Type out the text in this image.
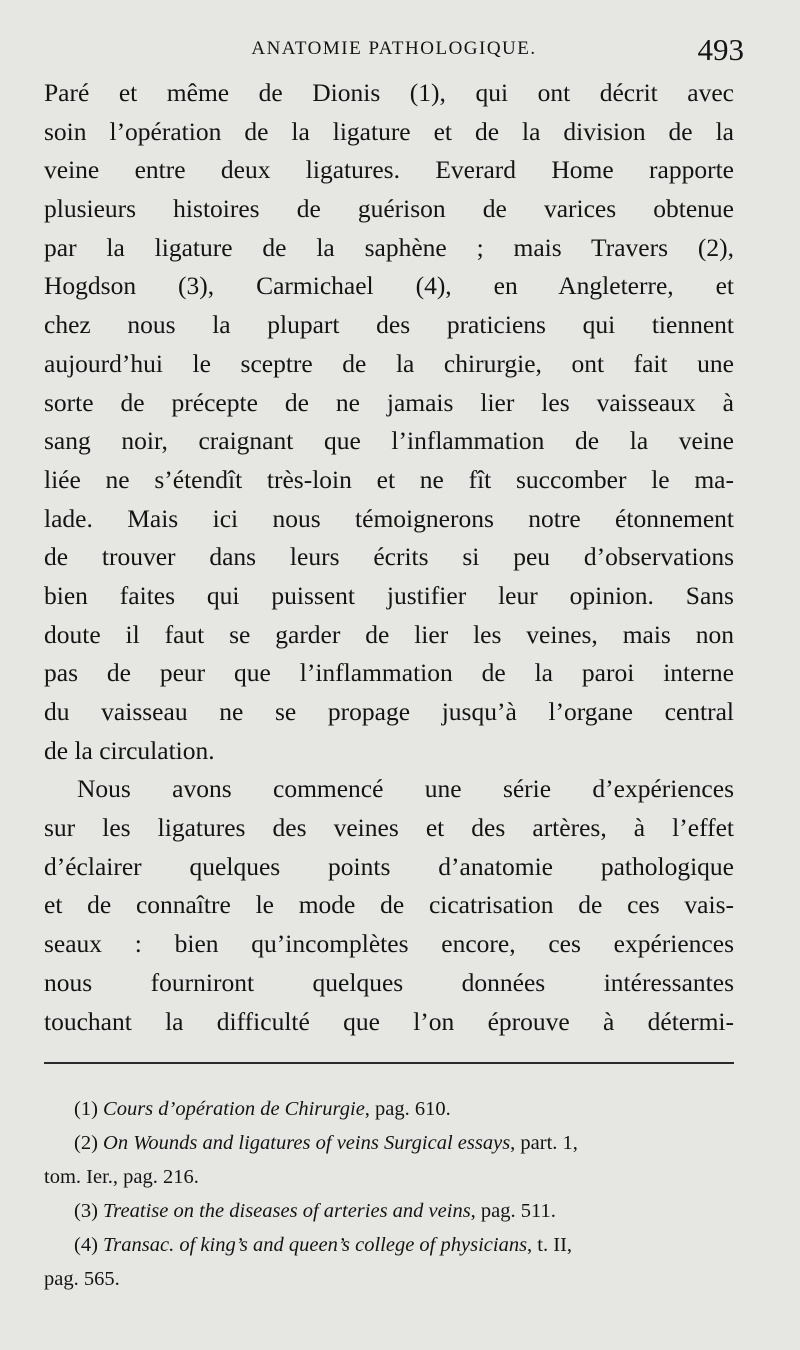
ANATOMIE PATHOLOGIQUE.	493
Paré et même de Dionis (1), qui ont décrit avec
soin l’opération de la ligature et de la division de la
veine entre deux ligatures. Everard Home rapporte
plusieurs histoires de guérison de varices obtenue
par la ligature de la saphène ; mais Travers (2),
Hogdson (3), Carmichael (4), en Angleterre, et
chez nous la plupart des praticiens qui tiennent
aujourd’hui le sceptre de la chirurgie, ont fait une
sorte de précepte de ne jamais lier les vaisseaux à
sang noir, craignant que l’inflammation de la veine
liée ne s’étendît très-loin et ne fît succomber le ma-
lade. Mais ici nous témoignerons notre étonnement
de trouver dans leurs écrits si peu d’observations
bien faites qui puissent justifier leur opinion. Sans
doute il faut se garder de lier les veines, mais non
pas de peur que l’inflammation de la paroi interne
du vaisseau ne se propage jusqu’à l’organe central
de la circulation.
Nous avons commencé une série d’expériences
sur les ligatures des veines et des artères, à l’effet
d’éclairer quelques points d’anatomie pathologique
et de connaître le mode de cicatrisation de ces vais-
seaux : bien qu’incomplètes encore, ces expériences
nous fourniront quelques données intéressantes
touchant la difficulté que l’on éprouve à détermi-
(1) Cours d’opération de Chirurgie, pag. 610.
(2) On Wounds and ligatures of veins Surgical essays, part. 1,
tom. Ier., pag. 216.
(3) Treatise on the diseases of arteries and veins, pag. 511.
(4) Transac. of king’s and queen’s college of physicians, t. II,
pag. 565.
